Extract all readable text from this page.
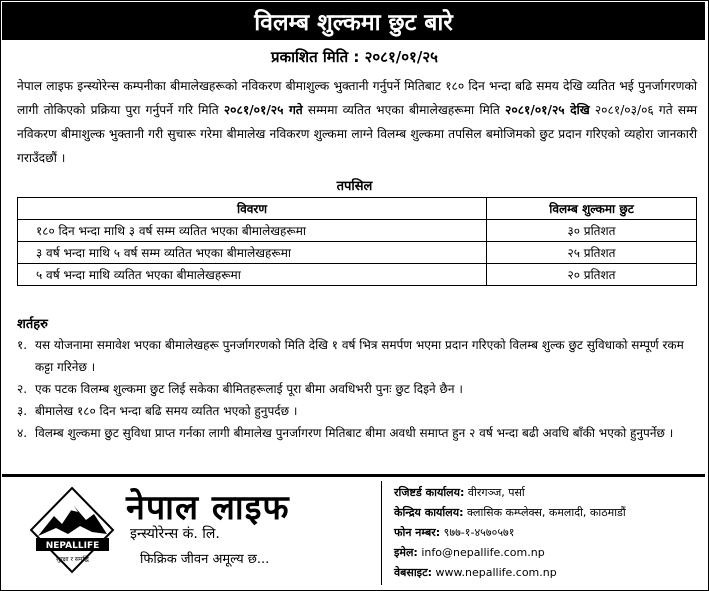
विलम्ब शुल्कमा छुट बारे
प्रकाशित मिति : २०८१/०१/२५
नेपाल लाइफ इन्स्योरेन्स कम्पनीका बीमालेखहरूको नविकरण बीमाशुल्क भुक्तानी गर्नुपर्ने मितिबाट १८० दिन भन्दा बढि समय देखि व्यतित भई पुनर्जागरणको लागी तोकिएको प्रक्रिया पुरा गर्नुपर्ने गरि मिति २०८१/०१/२५ गते सम्ममा व्यतित भएका बीमालेखहरूमा मिति २०८१/०१/२५ देखि २०८१/०३/०६ गते सम्म नविकरण बीमाशुल्क भुक्तानी गरी सुचारू गरेमा बीमालेख नविकरण शुल्कमा लाग्ने विलम्ब शुल्कमा तपसिल बमोजिमको छुट प्रदान गरिएको व्यहोरा जानकारी गराउँदछौं ।
तपसिल
विवरण	विलम्ब शुल्कमा छुट
१८० दिन भन्दा माथि ३ वर्ष सम्म व्यतित भएका बीमालेखहरूमा	३० प्रतिशत
३ वर्ष भन्दा माथि ५ वर्ष सम्म व्यतित भएका बीमालेखहरूमा	२५ प्रतिशत
५ वर्ष भन्दा माथि व्यतित भएका बीमालेखहरूमा	२० प्रतिशत
शर्तहरु
१. यस योजनामा समावेश भएका बीमालेखहरू पुनर्जागरणको मिति देखि १ वर्ष भित्र समर्पण भएमा प्रदान गरिएको विलम्ब शुल्क छुट सुविधाको सम्पूर्ण रकम कट्टा गरिनेछ ।
२. एक पटक विलम्ब शुल्कमा छुट लिई सकेका बीमितहरूलाई पूरा बीमा अवधिभरी पुनः छुट दिइने छैन ।
३. बीमालेख १८० दिन भन्दा बढि समय व्यतित भएको हुनुपर्दछ ।
४. विलम्ब शुल्कमा छुट सुविधा प्राप्त गर्नका लागी बीमालेख पुनर्जागरण मितिबाट बीमा अवधी समाप्त हुन २ वर्ष भन्दा बढी अवधि बाँकी भएको हुनुपर्नेछ ।
NEPALLIFE
सुरक्षा र समृद्धि
नेपाल लाइफ
इन्स्योरेन्स कं. लि.
फिक्रिक जीवन अमूल्य छ...
रजिष्टर्ड कार्यालय: वीरगञ्ज, पर्सा
केन्द्रिय कार्यालय: क्लासिक कम्प्लेक्स, कमलादी, काठमाडौं
फोन नम्बर: ९७७-१-४५७०५७१
इमेल: info@nepallife.com.np
वेबसाइट: www.nepallife.com.np
